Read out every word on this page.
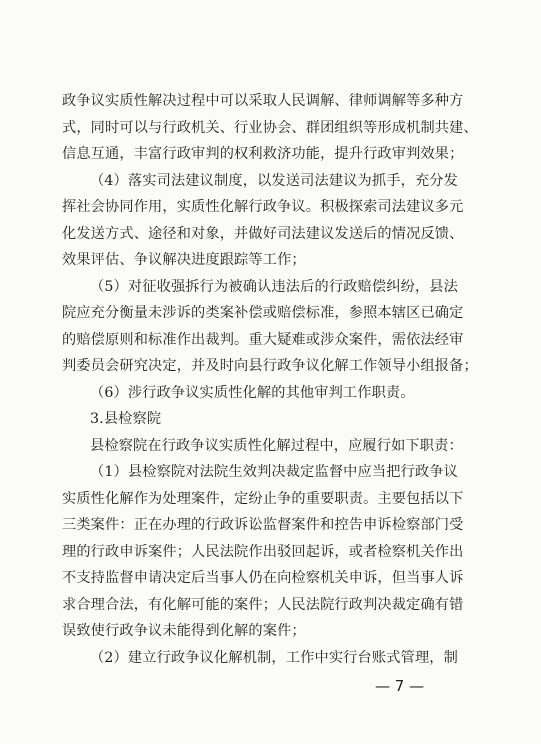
政争议实质性解决过程中可以采取人民调解、律师调解等多种方
式，同时可以与行政机关、行业协会、群团组织等形成机制共建、
信息互通，丰富行政审判的权利救济功能，提升行政审判效果；
（4）落实司法建议制度，以发送司法建议为抓手，充分发
挥社会协同作用，实质性化解行政争议。积极探索司法建议多元
化发送方式、途径和对象，并做好司法建议发送后的情况反馈、
效果评估、争议解决进度跟踪等工作；
（5）对征收强拆行为被确认违法后的行政赔偿纠纷，县法
院应充分衡量未涉诉的类案补偿或赔偿标准，参照本辖区已确定
的赔偿原则和标准作出裁判。重大疑难或涉众案件，需依法经审
判委员会研究决定，并及时向县行政争议化解工作领导小组报备；
（6）涉行政争议实质性化解的其他审判工作职责。
3.县检察院
县检察院在行政争议实质性化解过程中，应履行如下职责：
（1）县检察院对法院生效判决裁定监督中应当把行政争议
实质性化解作为处理案件，定纷止争的重要职责。主要包括以下
三类案件：正在办理的行政诉讼监督案件和控告申诉检察部门受
理的行政申诉案件；人民法院作出驳回起诉，或者检察机关作出
不支持监督申请决定后当事人仍在向检察机关申诉，但当事人诉
求合理合法，有化解可能的案件；人民法院行政判决裁定确有错
误致使行政争议未能得到化解的案件；
（2）建立行政争议化解机制，工作中实行台账式管理，制
— 7 —
